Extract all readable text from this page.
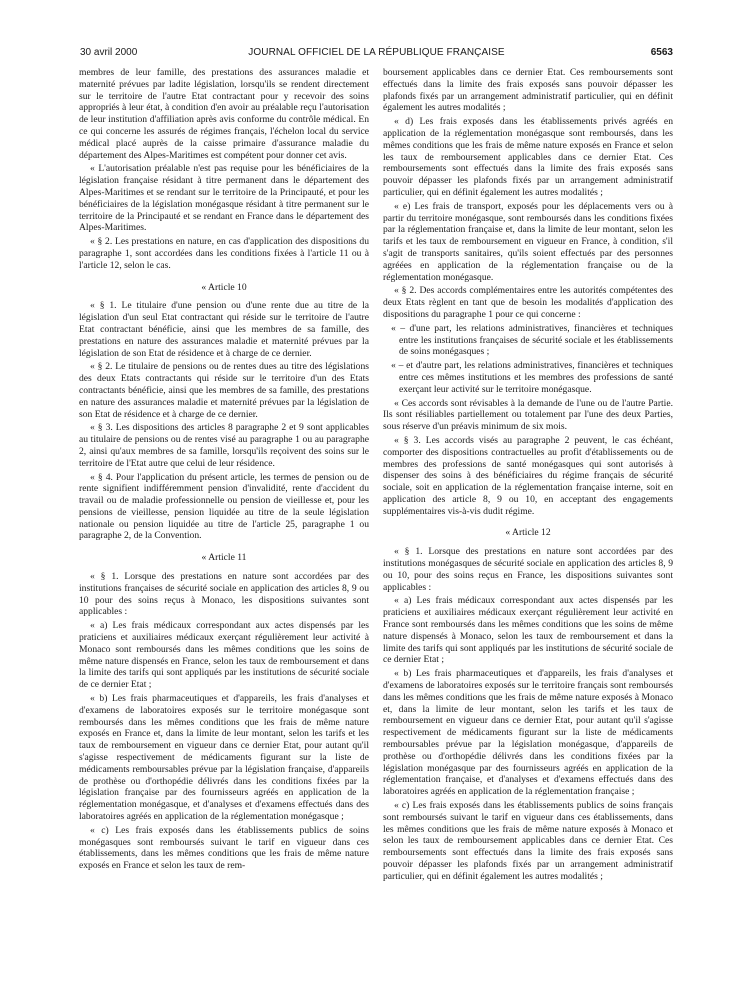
30 avril 2000	JOURNAL OFFICIEL DE LA RÉPUBLIQUE FRANÇAISE	6563

membres de leur famille, des prestations des assurances maladie et maternité prévues par ladite législation, lorsqu'ils se rendent directement sur le territoire de l'autre Etat contractant pour y recevoir des soins appropriés à leur état, à condition d'en avoir au préalable reçu l'autorisation de leur institution d'affiliation après avis conforme du contrôle médical. En ce qui concerne les assurés de régimes français, l'échelon local du service médical placé auprès de la caisse primaire d'assurance maladie du département des Alpes-Maritimes est compétent pour donner cet avis.

« L'autorisation préalable n'est pas requise pour les bénéficiaires de la législation française résidant à titre permanent dans le département des Alpes-Maritimes et se rendant sur le territoire de la Principauté, et pour les bénéficiaires de la législation monégasque résidant à titre permanent sur le territoire de la Principauté et se rendant en France dans le département des Alpes-Maritimes.

« § 2. Les prestations en nature, en cas d'application des dispositions du paragraphe 1, sont accordées dans les conditions fixées à l'article 11 ou à l'article 12, selon le cas.

« Article 10

« § 1. Le titulaire d'une pension ou d'une rente due au titre de la législation d'un seul Etat contractant qui réside sur le territoire de l'autre Etat contractant bénéficie, ainsi que les membres de sa famille, des prestations en nature des assurances maladie et maternité prévues par la législation de son Etat de résidence et à charge de ce dernier.

« § 2. Le titulaire de pensions ou de rentes dues au titre des législations des deux Etats contractants qui réside sur le territoire d'un des Etats contractants bénéficie, ainsi que les membres de sa famille, des prestations en nature des assurances maladie et maternité prévues par la législation de son Etat de résidence et à charge de ce dernier.

« § 3. Les dispositions des articles 8 paragraphe 2 et 9 sont applicables au titulaire de pensions ou de rentes visé au paragraphe 1 ou au paragraphe 2, ainsi qu'aux membres de sa famille, lorsqu'ils reçoivent des soins sur le territoire de l'Etat autre que celui de leur résidence.

« § 4. Pour l'application du présent article, les termes de pension ou de rente signifient indifféremment pension d'invalidité, rente d'accident du travail ou de maladie professionnelle ou pension de vieillesse et, pour les pensions de vieillesse, pension liquidée au titre de la seule législation nationale ou pension liquidée au titre de l'article 25, paragraphe 1 ou paragraphe 2, de la Convention.

« Article 11

« § 1. Lorsque des prestations en nature sont accordées par des institutions françaises de sécurité sociale en application des articles 8, 9 ou 10 pour des soins reçus à Monaco, les dispositions suivantes sont applicables :

« a) Les frais médicaux correspondant aux actes dispensés par les praticiens et auxiliaires médicaux exerçant régulièrement leur activité à Monaco sont remboursés dans les mêmes conditions que les soins de même nature dispensés en France, selon les taux de remboursement et dans la limite des tarifs qui sont appliqués par les institutions de sécurité sociale de ce dernier Etat ;

« b) Les frais pharmaceutiques et d'appareils, les frais d'analyses et d'examens de laboratoires exposés sur le territoire monégasque sont remboursés dans les mêmes conditions que les frais de même nature exposés en France et, dans la limite de leur montant, selon les tarifs et les taux de remboursement en vigueur dans ce dernier Etat, pour autant qu'il s'agisse respectivement de médicaments figurant sur la liste de médicaments remboursables prévue par la législation française, d'appareils de prothèse ou d'orthopédie délivrés dans les conditions fixées par la législation française par des fournisseurs agréés en application de la réglementation monégasque, et d'analyses et d'examens effectués dans des laboratoires agréés en application de la réglementation monégasque ;

« c) Les frais exposés dans les établissements publics de soins monégasques sont remboursés suivant le tarif en vigueur dans ces établissements, dans les mêmes conditions que les frais de même nature exposés en France et selon les taux de rem-

boursement applicables dans ce dernier Etat. Ces remboursements sont effectués dans la limite des frais exposés sans pouvoir dépasser les plafonds fixés par un arrangement administratif particulier, qui en définit également les autres modalités ;

« d) Les frais exposés dans les établissements privés agréés en application de la réglementation monégasque sont remboursés, dans les mêmes conditions que les frais de même nature exposés en France et selon les taux de remboursement applicables dans ce dernier Etat. Ces remboursements sont effectués dans la limite des frais exposés sans pouvoir dépasser les plafonds fixés par un arrangement administratif particulier, qui en définit également les autres modalités ;

« e) Les frais de transport, exposés pour les déplacements vers ou à partir du territoire monégasque, sont remboursés dans les conditions fixées par la réglementation française et, dans la limite de leur montant, selon les tarifs et les taux de remboursement en vigueur en France, à condition, s'il s'agit de transports sanitaires, qu'ils soient effectués par des personnes agréées en application de la réglementation française ou de la réglementation monégasque.

« § 2. Des accords complémentaires entre les autorités compétentes des deux Etats règlent en tant que de besoin les modalités d'application des dispositions du paragraphe 1 pour ce qui concerne :

« – d'une part, les relations administratives, financières et techniques entre les institutions françaises de sécurité sociale et les établissements de soins monégasques ;

« – et d'autre part, les relations administratives, financières et techniques entre ces mêmes institutions et les membres des professions de santé exerçant leur activité sur le territoire monégasque.

« Ces accords sont révisables à la demande de l'une ou de l'autre Partie. Ils sont résiliables partiellement ou totalement par l'une des deux Parties, sous réserve d'un préavis minimum de six mois.

« § 3. Les accords visés au paragraphe 2 peuvent, le cas échéant, comporter des dispositions contractuelles au profit d'établissements ou de membres des professions de santé monégasques qui sont autorisés à dispenser des soins à des bénéficiaires du régime français de sécurité sociale, soit en application de la réglementation française interne, soit en application des article 8, 9 ou 10, en acceptant des engagements supplémentaires vis-à-vis dudit régime.

« Article 12

« § 1. Lorsque des prestations en nature sont accordées par des institutions monégasques de sécurité sociale en application des articles 8, 9 ou 10, pour des soins reçus en France, les dispositions suivantes sont applicables :

« a) Les frais médicaux correspondant aux actes dispensés par les praticiens et auxiliaires médicaux exerçant régulièrement leur activité en France sont remboursés dans les mêmes conditions que les soins de même nature dispensés à Monaco, selon les taux de remboursement et dans la limite des tarifs qui sont appliqués par les institutions de sécurité sociale de ce dernier Etat ;

« b) Les frais pharmaceutiques et d'appareils, les frais d'analyses et d'examens de laboratoires exposés sur le territoire français sont remboursés dans les mêmes conditions que les frais de même nature exposés à Monaco et, dans la limite de leur montant, selon les tarifs et les taux de remboursement en vigueur dans ce dernier Etat, pour autant qu'il s'agisse respectivement de médicaments figurant sur la liste de médicaments remboursables prévue par la législation monégasque, d'appareils de prothèse ou d'orthopédie délivrés dans les conditions fixées par la législation monégasque par des fournisseurs agréés en application de la réglementation française, et d'analyses et d'examens effectués dans des laboratoires agréés en application de la réglementation française ;

« c) Les frais exposés dans les établissements publics de soins français sont remboursés suivant le tarif en vigueur dans ces établissements, dans les mêmes conditions que les frais de même nature exposés à Monaco et selon les taux de remboursement applicables dans ce dernier Etat. Ces remboursements sont effectués dans la limite des frais exposés sans pouvoir dépasser les plafonds fixés par un arrangement administratif particulier, qui en définit également les autres modalités ;
